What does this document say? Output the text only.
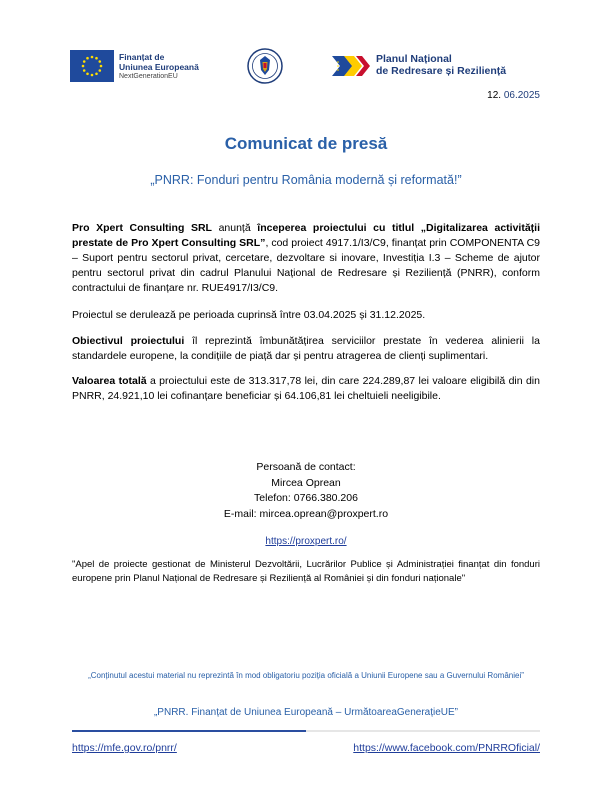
Finanțat de
Uniunea Europeană
NextGenerationEU
Planul Național
de Redresare și Reziliență
12. 06.2025
Comunicat de presă
„PNRR: Fonduri pentru România modernă și reformată!”
Pro Xpert Consulting SRL anunță începerea proiectului cu titlul „Digitalizarea activității prestate de Pro Xpert Consulting SRL”, cod proiect 4917.1/I3/C9, finanțat prin COMPONENTA C9 – Suport pentru sectorul privat, cercetare, dezvoltare si inovare, Investiția I.3 – Scheme de ajutor pentru sectorul privat din cadrul Planului Național de Redresare și Reziliență (PNRR), conform contractului de finanțare nr. RUE4917/I3/C9.
Proiectul se derulează pe perioada cuprinsă între 03.04.2025 și 31.12.2025.
Obiectivul proiectului îl reprezintă îmbunătățirea serviciilor prestate în vederea alinierii la standardele europene, la condițiile de piață dar și pentru atragerea de clienți suplimentari.
Valoarea totală a proiectului este de 313.317,78 lei, din care 224.289,87 lei valoare eligibilă din din PNRR, 24.921,10 lei cofinanțare beneficiar și 64.106,81 lei cheltuieli neeligibile.
Persoană de contact:
Mircea Oprean
Telefon: 0766.380.206
E-mail: mircea.oprean@proxpert.ro
https://proxpert.ro/
"Apel de proiecte gestionat de Ministerul Dezvoltării, Lucrărilor Publice și Administrației finanțat din fonduri europene prin Planul Național de Redresare și Reziliență al României și din fonduri naționale"
„Conținutul acestui material nu reprezintă în mod obligatoriu poziția oficială a Uniunii Europene sau a Guvernului României”
„PNRR. Finanțat de Uniunea Europeană – UrmătoareaGenerațieUE”
https://mfe.gov.ro/pnrr/	https://www.facebook.com/PNRROficial/
